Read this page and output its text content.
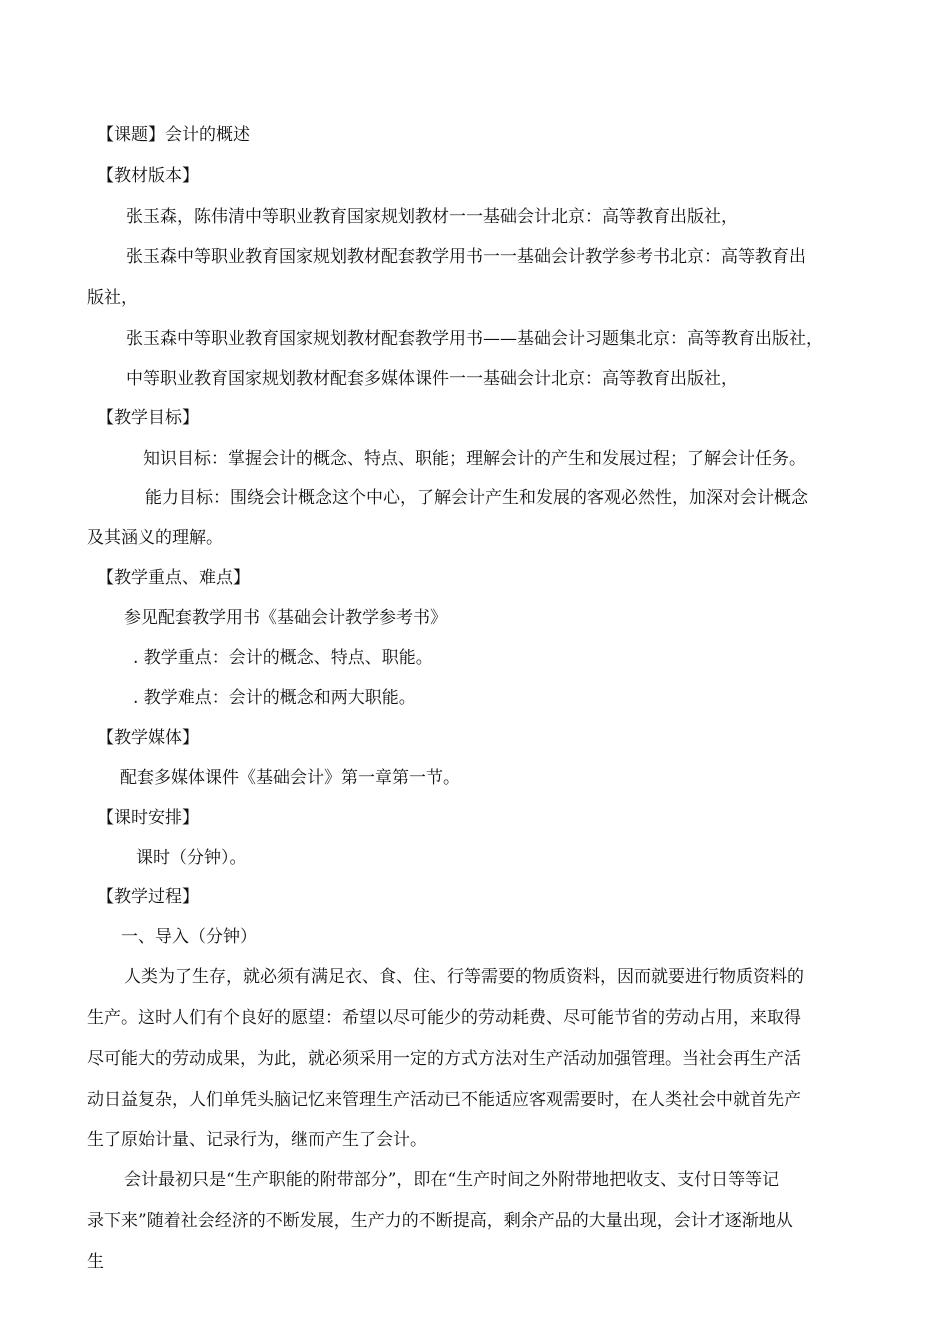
【课题】会计的概述
【教材版本】
张玉森，陈伟清中等职业教育国家规划教材一一基础会计北京：高等教育出版社，
张玉森中等职业教育国家规划教材配套教学用书一一基础会计教学参考书北京：高等教育出
版社，
张玉森中等职业教育国家规划教材配套教学用书——基础会计习题集北京：高等教育出版社，
中等职业教育国家规划教材配套多媒体课件一一基础会计北京：高等教育出版社，
【教学目标】
知识目标：掌握会计的概念、特点、职能；理解会计的产生和发展过程；了解会计任务。
能力目标：围绕会计概念这个中心，了解会计产生和发展的客观必然性，加深对会计概念
及其涵义的理解。
【教学重点、难点】
参见配套教学用书《基础会计教学参考书》
. 教学重点：会计的概念、特点、职能。
. 教学难点：会计的概念和两大职能。
【教学媒体】
配套多媒体课件《基础会计》第一章第一节。
【课时安排】
课时（分钟）。
【教学过程】
一、导入（分钟）
人类为了生存，就必须有满足衣、食、住、行等需要的物质资料，因而就要进行物质资料的
生产。这时人们有个良好的愿望：希望以尽可能少的劳动耗费、尽可能节省的劳动占用，来取得
尽可能大的劳动成果，为此，就必须采用一定的方式方法对生产活动加强管理。当社会再生产活
动日益复杂，人们单凭头脑记忆来管理生产活动已不能适应客观需要时，在人类社会中就首先产
生了原始计量、记录行为，继而产生了会计。
会计最初只是“生产职能的附带部分”，即在“生产时间之外附带地把收支、支付日等等记
录下来”随着社会经济的不断发展，生产力的不断提高，剩余产品的大量出现，会计才逐渐地从
生
